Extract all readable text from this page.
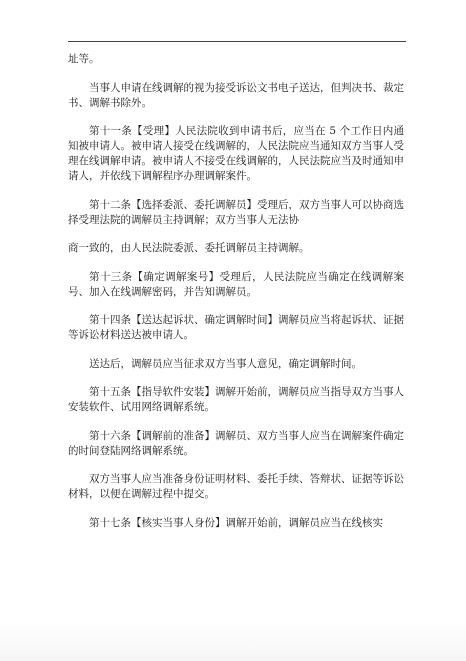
址等。

当事人申请在线调解的视为接受诉讼文书电子送达，但判决书、裁定书、调解书除外。

第十一条【受理】人民法院收到申请书后，应当在 5 个工作日内通知被申请人。被申请人接受在线调解的，人民法院应当通知双方当事人受理在线调解申请。被申请人不接受在线调解的，人民法院应当及时通知申请人，并依线下调解程序办理调解案件。

第十二条【选择委派、委托调解员】受理后，双方当事人可以协商选择受理法院的调解员主持调解；双方当事人无法协

商一致的，由人民法院委派、委托调解员主持调解。

第十三条【确定调解案号】受理后，人民法院应当确定在线调解案号、加入在线调解密码，并告知调解员。

第十四条【送达起诉状、确定调解时间】调解员应当将起诉状、证据等诉讼材料送达被申请人。

送达后，调解员应当征求双方当事人意见，确定调解时间。

第十五条【指导软件安装】调解开始前，调解员应当指导双方当事人安装软件、试用网络调解系统。

第十六条【调解前的准备】调解员、双方当事人应当在调解案件确定的时间登陆网络调解系统。

双方当事人应当准备身份证明材料、委托手续、答辩状、证据等诉讼材料，以便在调解过程中提交。

第十七条【核实当事人身份】调解开始前，调解员应当在线核实
